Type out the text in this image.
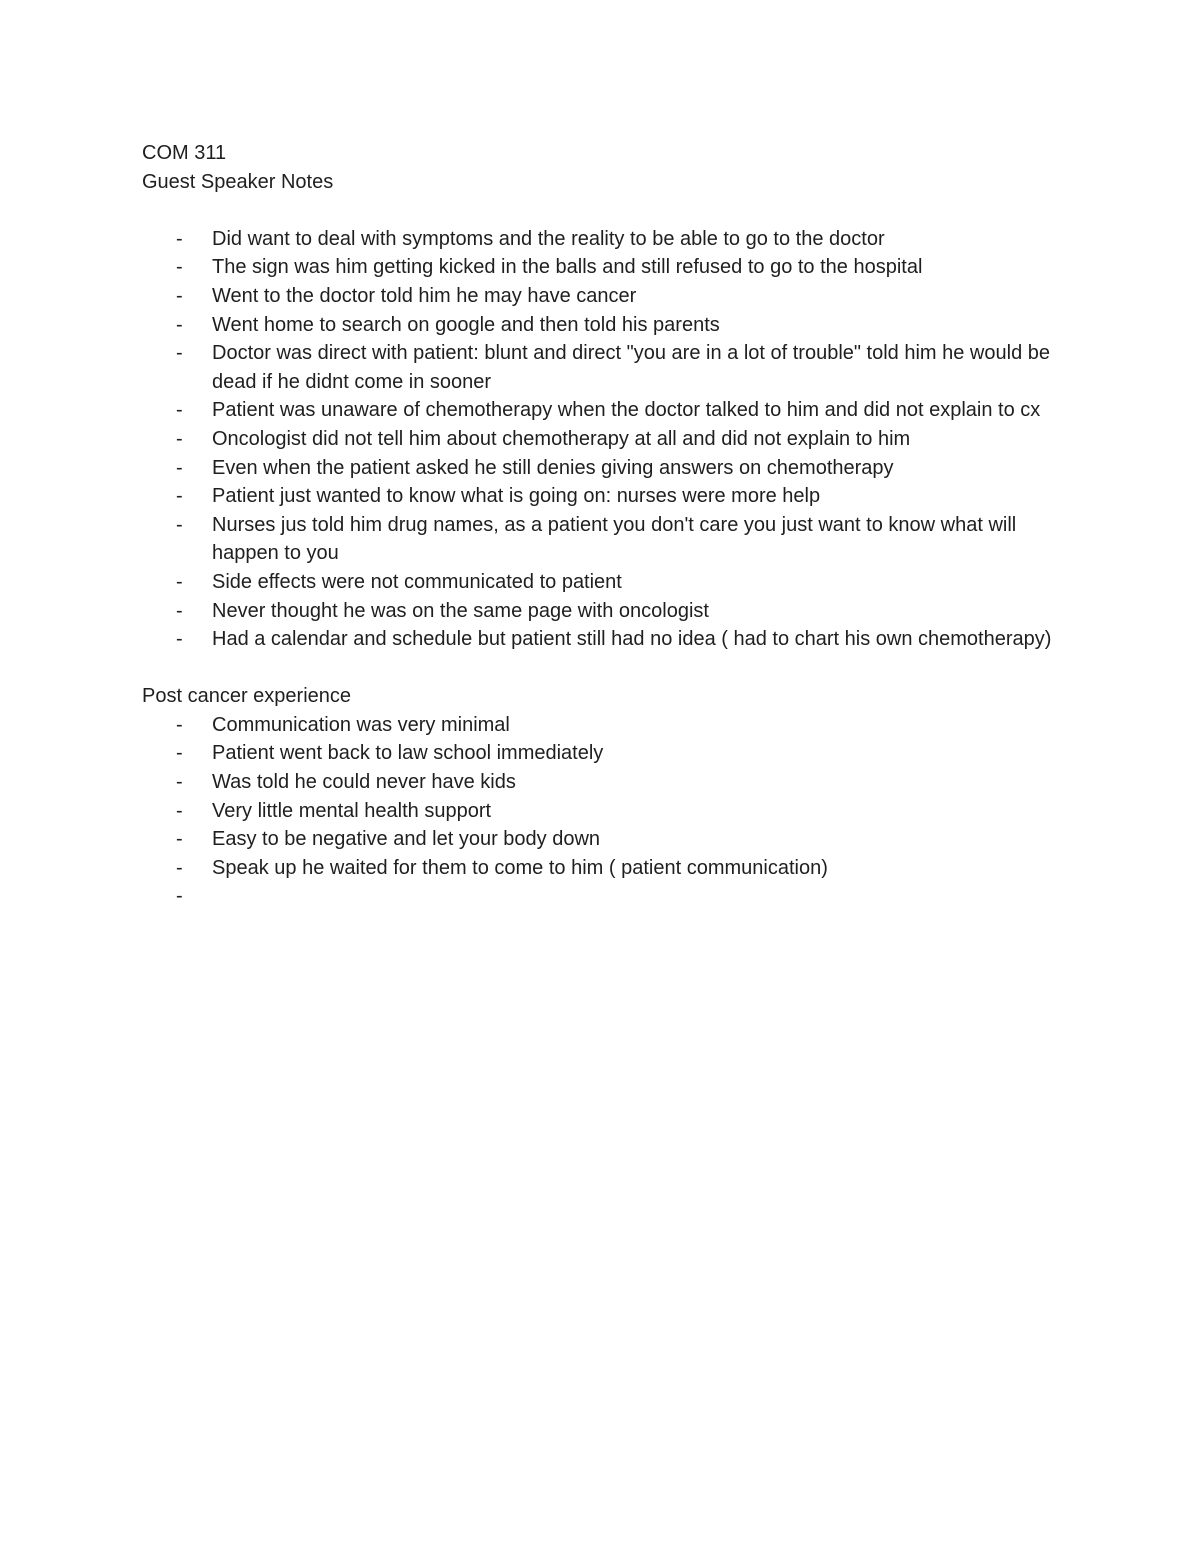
COM 311

Guest Speaker Notes

-	Did want to deal with symptoms and the reality to be able to go to the doctor
-	The sign was him getting kicked in the balls and still refused to go to the hospital
-	Went to the doctor told him he may have cancer
-	Went home to search on google and then told his parents
-	Doctor was direct with patient: blunt and direct "you are in a lot of trouble" told him he would be dead if he didnt come in sooner
-	Patient was unaware of chemotherapy when the doctor talked to him and did not explain to cx
-	Oncologist did not tell him about chemotherapy at all and did not explain to him
-	Even when the patient asked he still denies giving answers on chemotherapy
-	Patient just wanted to know what is going on: nurses were more help
-	Nurses jus told him drug names, as a patient you don't care you just want to know what will happen to you
-	Side effects were not communicated to patient
-	Never thought he was on the same page with oncologist
-	Had a calendar and schedule but patient still had no idea ( had to chart his own chemotherapy)

Post cancer experience

-	Communication was very minimal
-	Patient went back to law school immediately
-	Was told he could never have kids
-	Very little mental health support
-	Easy to be negative and let your body down
-	Speak up he waited for them to come to him ( patient communication)
-
